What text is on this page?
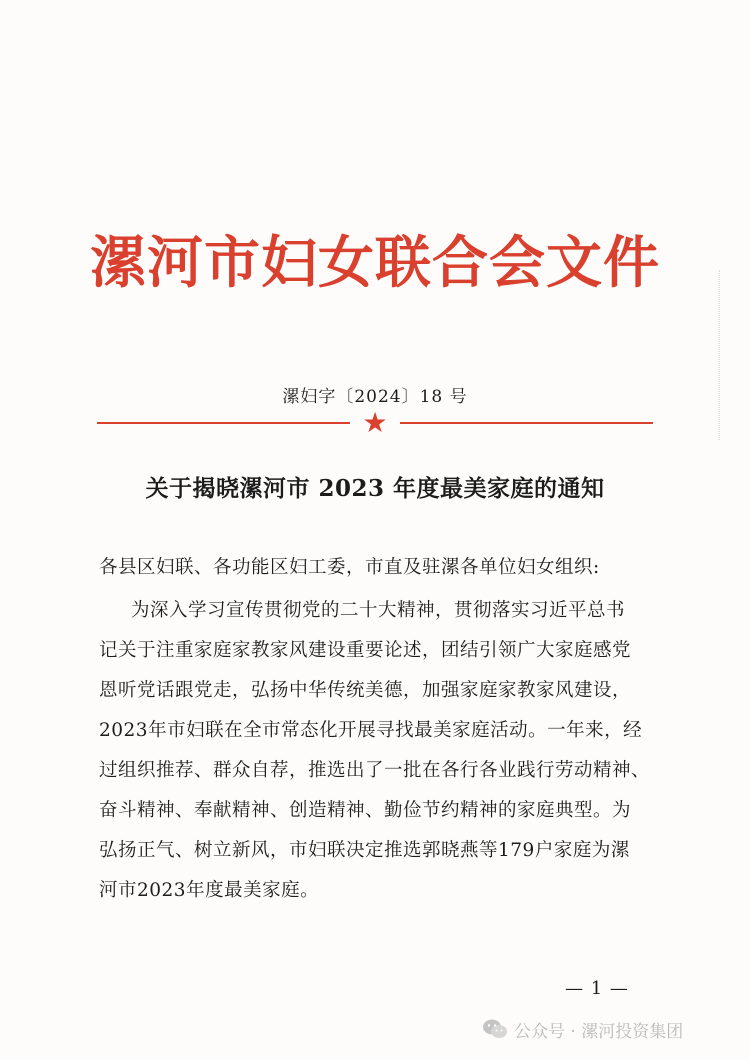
漯河市妇女联合会文件
漯妇字〔2024〕18 号
★
关于揭晓漯河市 2023 年度最美家庭的通知
各县区妇联、各功能区妇工委，市直及驻漯各单位妇女组织:
为深入学习宣传贯彻党的二十大精神，贯彻落实习近平总书
记关于注重家庭家教家风建设重要论述，团结引领广大家庭感党
恩听党话跟党走，弘扬中华传统美德，加强家庭家教家风建设，
2023年市妇联在全市常态化开展寻找最美家庭活动。一年来，经
过组织推荐、群众自荐，推选出了一批在各行各业践行劳动精神、
奋斗精神、奉献精神、创造精神、勤俭节约精神的家庭典型。为
弘扬正气、树立新风，市妇联决定推选郭晓燕等179户家庭为漯
河市2023年度最美家庭。
— 1 —
公众号 · 漯河投资集团
